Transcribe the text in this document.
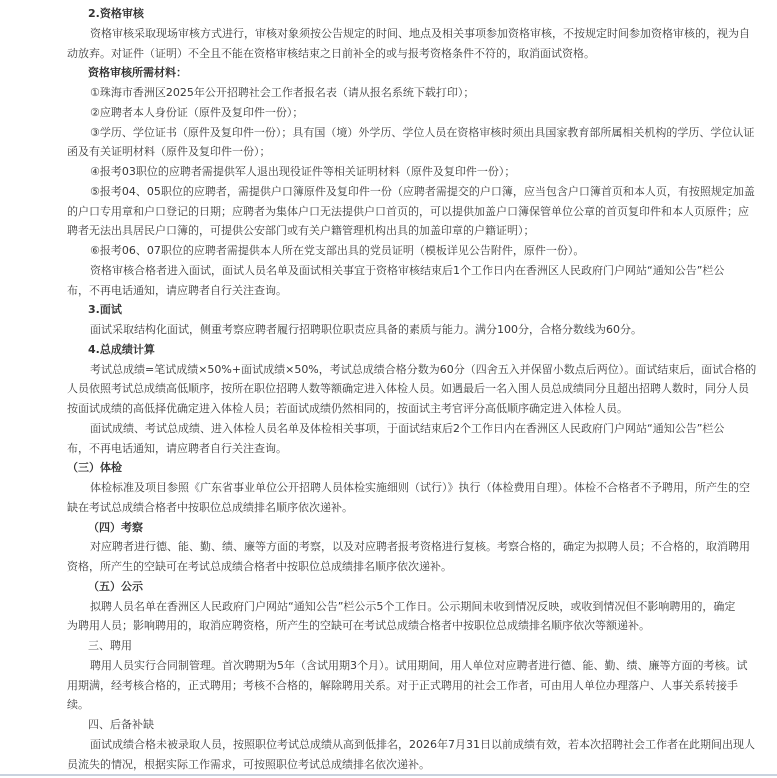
2.资格审核
资格审核采取现场审核方式进行，审核对象须按公告规定的时间、地点及相关事项参加资格审核，不按规定时间参加资格审核的，视为自
动放弃。对证件（证明）不全且不能在资格审核结束之日前补全的或与报考资格条件不符的，取消面试资格。
资格审核所需材料：
①珠海市香洲区2025年公开招聘社会工作者报名表（请从报名系统下载打印）；
②应聘者本人身份证（原件及复印件一份）；
③学历、学位证书（原件及复印件一份）；具有国（境）外学历、学位人员在资格审核时须出具国家教育部所属相关机构的学历、学位认证
函及有关证明材料（原件及复印件一份）；
④报考03职位的应聘者需提供军人退出现役证件等相关证明材料（原件及复印件一份）；
⑤报考04、05职位的应聘者，需提供户口簿原件及复印件一份（应聘者需提交的户口簿，应当包含户口簿首页和本人页，有按照规定加盖
的户口专用章和户口登记的日期；应聘者为集体户口无法提供户口首页的，可以提供加盖户口簿保管单位公章的首页复印件和本人页原件；应
聘者无法出具居民户口簿的，可提供公安部门或有关户籍管理机构出具的加盖印章的户籍证明）；
⑥报考06、07职位的应聘者需提供本人所在党支部出具的党员证明（模板详见公告附件，原件一份）。
资格审核合格者进入面试，面试人员名单及面试相关事宜于资格审核结束后1个工作日内在香洲区人民政府门户网站“通知公告”栏公
布，不再电话通知，请应聘者自行关注查询。
3.面试
面试采取结构化面试，侧重考察应聘者履行招聘职位职责应具备的素质与能力。满分100分，合格分数线为60分。
4.总成绩计算
考试总成绩=笔试成绩×50%+面试成绩×50%，考试总成绩合格分数为60分（四舍五入并保留小数点后两位）。面试结束后，面试合格的
人员依照考试总成绩高低顺序，按所在职位招聘人数等额确定进入体检人员。如遇最后一名入围人员总成绩同分且超出招聘人数时，同分人员
按面试成绩的高低择优确定进入体检人员；若面试成绩仍然相同的，按面试主考官评分高低顺序确定进入体检人员。
面试成绩、考试总成绩、进入体检人员名单及体检相关事项，于面试结束后2个工作日内在香洲区人民政府门户网站“通知公告”栏公
布，不再电话通知，请应聘者自行关注查询。
（三）体检
体检标准及项目参照《广东省事业单位公开招聘人员体检实施细则（试行）》执行（体检费用自理）。体检不合格者不予聘用，所产生的空
缺在考试总成绩合格者中按职位总成绩排名顺序依次递补。
（四）考察
对应聘者进行德、能、勤、绩、廉等方面的考察，以及对应聘者报考资格进行复核。考察合格的，确定为拟聘人员；不合格的，取消聘用
资格，所产生的空缺可在考试总成绩合格者中按职位总成绩排名顺序依次递补。
（五）公示
拟聘人员名单在香洲区人民政府门户网站“通知公告”栏公示5个工作日。公示期间未收到情况反映，或收到情况但不影响聘用的，确定
为聘用人员；影响聘用的，取消应聘资格，所产生的空缺可在考试总成绩合格者中按职位总成绩排名顺序依次等额递补。
三、聘用
聘用人员实行合同制管理。首次聘期为5年（含试用期3个月）。试用期间，用人单位对应聘者进行德、能、勤、绩、廉等方面的考核。试
用期满，经考核合格的，正式聘用；考核不合格的，解除聘用关系。对于正式聘用的社会工作者，可由用人单位办理落户、人事关系转接手
续。
四、后备补缺
面试成绩合格未被录取人员，按照职位考试总成绩从高到低排名，2026年7月31日以前成绩有效，若本次招聘社会工作者在此期间出现人
员流失的情况，根据实际工作需求，可按照职位考试总成绩排名依次递补。
